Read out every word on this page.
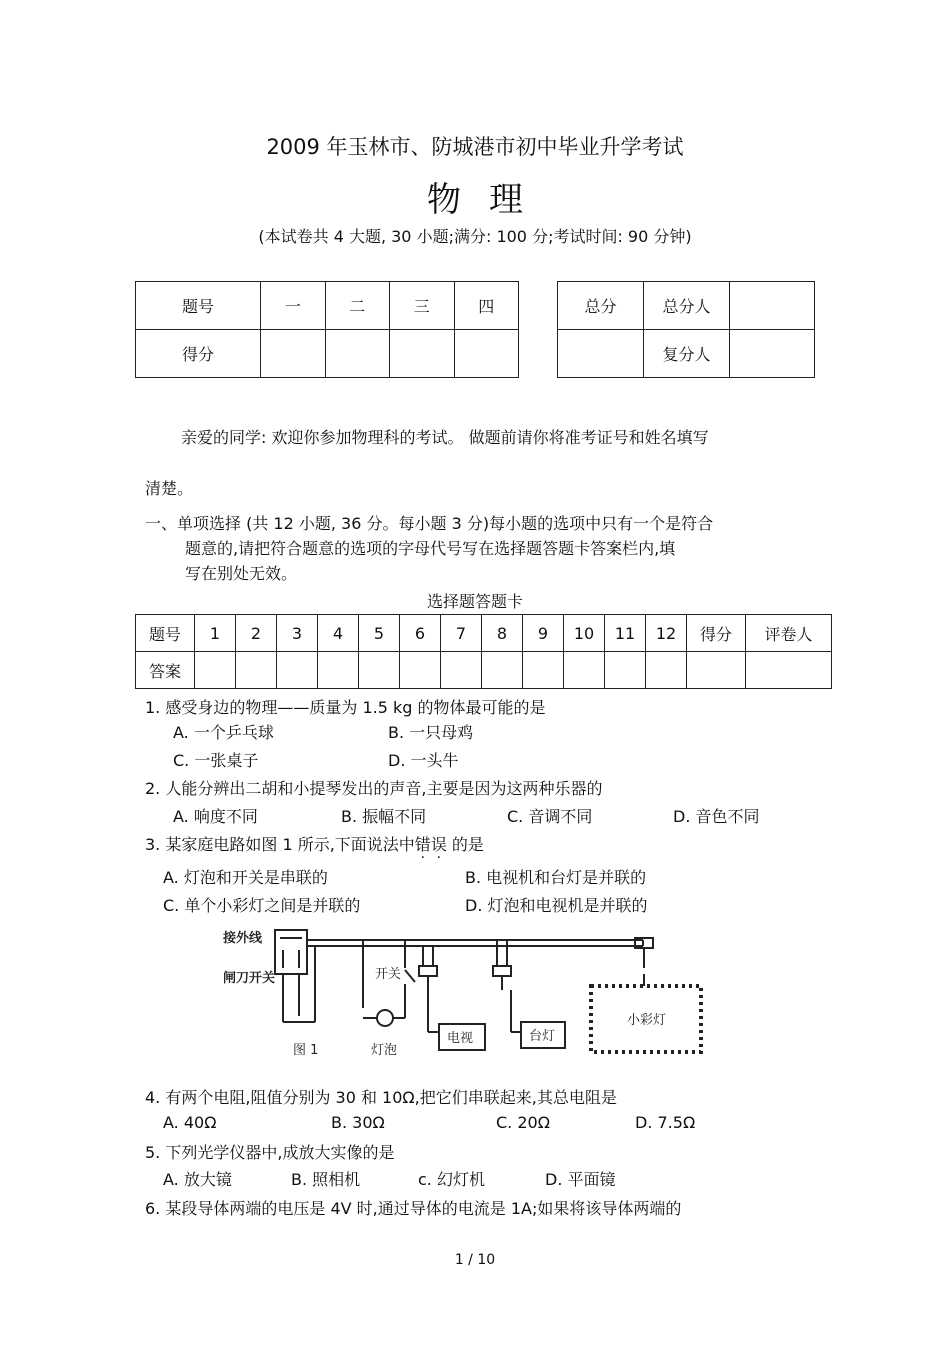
2009 年玉林市、防城港市初中毕业升学考试
物 理
(本试卷共 4 大题, 30 小题;满分: 100 分;考试时间: 90 分钟)
题号	一	二	三	四
得分				
总分	总分人	
	复分人	
亲爱的同学: 欢迎你参加物理科的考试。 做题前请你将准考证号和姓名填写
清楚。
一、单项选择 (共 12 小题, 36 分。每小题 3 分)每小题的选项中只有一个是符合
题意的,请把符合题意的选项的字母代号写在选择题答题卡答案栏内,填
写在别处无效。
选择题答题卡
题号	1	2	3	4	5	6	7	8	9	10	11	12	得分	评卷人
答案														
1. 感受身边的物理——质量为 1.5 kg 的物体最可能的是
A. 一个乒乓球	B. 一只母鸡
C. 一张桌子	D. 一头牛
2. 人能分辨出二胡和小提琴发出的声音,主要是因为这两种乐器的
A. 响度不同	B. 振幅不同	C. 音调不同	D. 音色不同
3. 某家庭电路如图 1 所示,下面说法中错误 的是
A. 灯泡和开关是串联的	B. 电视机和台灯是并联的
C. 单个小彩灯之间是并联的	D. 灯泡和电视机是并联的
接外线
闸刀开关	开关
电视	台灯
小彩灯
图 1	灯泡
4. 有两个电阻,阻值分别为 30 和 10Ω,把它们串联起来,其总电阻是
A. 40Ω	B. 30Ω	C. 20Ω	D. 7.5Ω
5. 下列光学仪器中,成放大实像的是
A. 放大镜	B. 照相机	c. 幻灯机	D. 平面镜
6. 某段导体两端的电压是 4V 时,通过导体的电流是 1A;如果将该导体两端的
1 / 10
